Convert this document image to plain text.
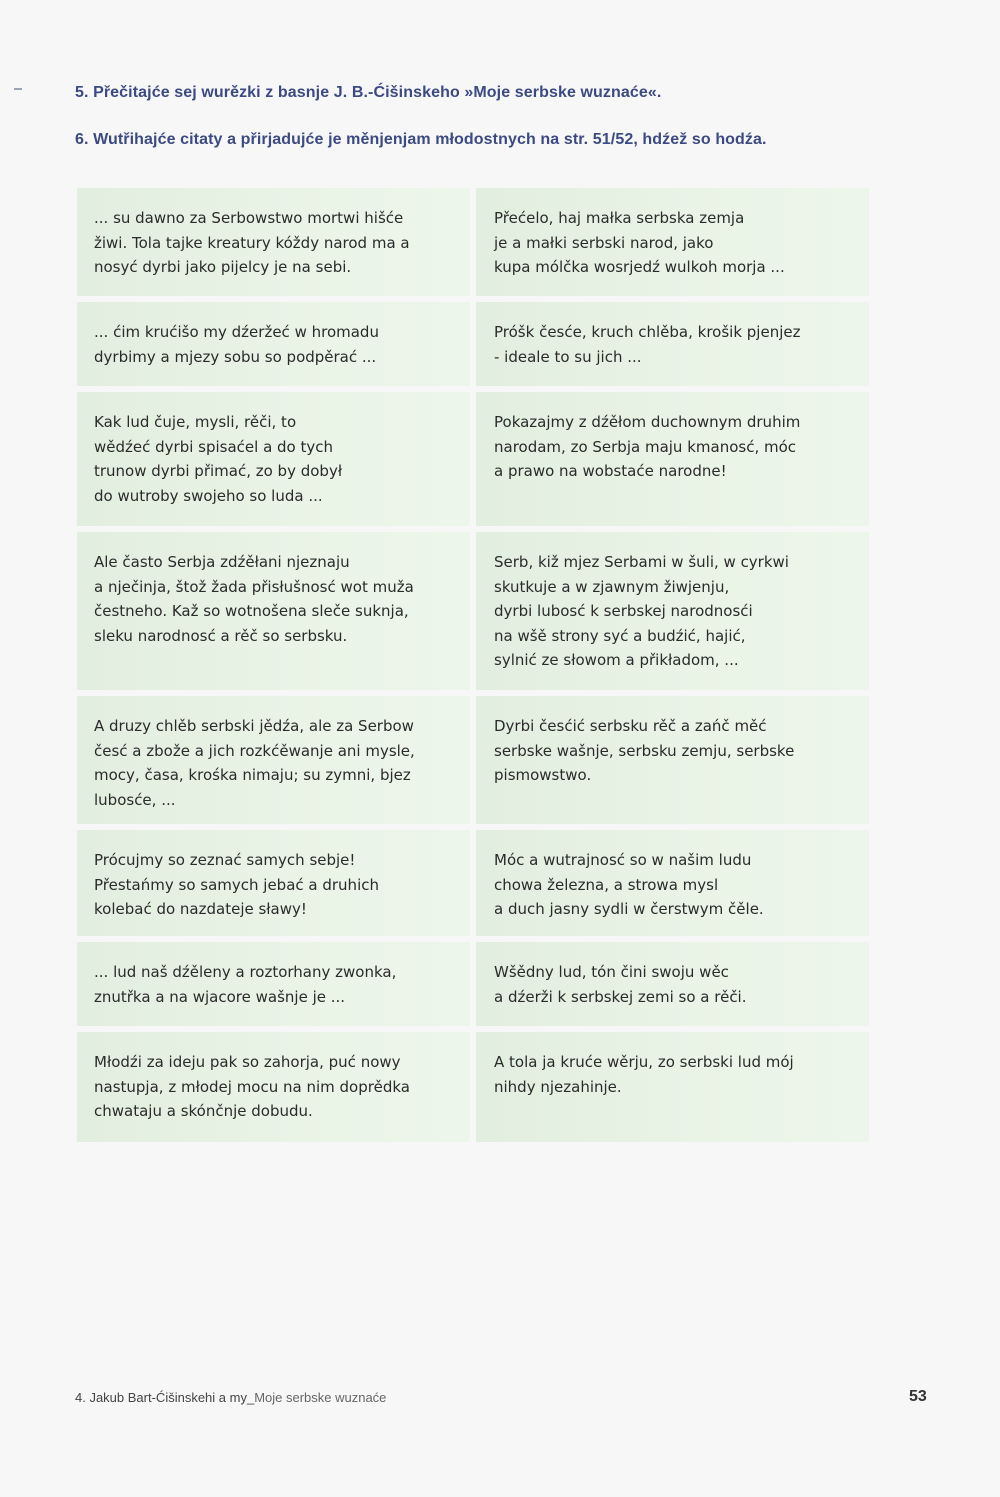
5. Přečitajće sej wurězki z basnje J. B.-Ćišinskeho »Moje serbske wuznaće«.
6. Wutřihajće citaty a přirjadujće je měnjenjam młodostnych na str. 51/52, hdźež so hodźa.
... su dawno za Serbowstwo mortwi hišće
žiwi. Tola tajke kreatury kóždy narod ma a
nosyć dyrbi jako pijelcy je na sebi.
Přećelo, haj małka serbska zemja
je a małki serbski narod, jako
kupa mólčka wosrjedź wulkoh morja ...
... ćim krućišo my dźeržeć w hromadu
dyrbimy a mjezy sobu so podpěrać ...
Próšk česće, kruch chlěba, krošik pjenjez
- ideale to su jich ...
Kak lud čuje, mysli, rěči, to
wědźeć dyrbi spisaćel a do tych
trunow dyrbi přimać, zo by dobył
do wutroby swojeho so luda ...
Pokazajmy z dźěłom duchownym druhim
narodam, zo Serbja maju kmanosć, móc
a prawo na wobstaće narodne!
Ale často Serbja zdźěłani njeznaju
a nječinja, štož žada přisłušnosć wot muža
čestneho. Kaž so wotnošena sleče suknja,
sleku narodnosć a rěč so serbsku.
Serb, kiž mjez Serbami w šuli, w cyrkwi
skutkuje a w zjawnym žiwjenju,
dyrbi lubosć k serbskej narodnosći
na wšě strony syć a budźić, hajić,
sylnić ze słowom a přikładom, ...
A druzy chlěb serbski jědźa, ale za Serbow
česć a zbože a jich rozkćěwanje ani mysle,
mocy, časa, krośka nimaju; su zymni, bjez
lubosće, ...
Dyrbi česćić serbsku rěč a zańč měć
serbske wašnje, serbsku zemju, serbske
pismowstwo.
Prócujmy so zeznać samych sebje!
Přestańmy so samych jebać a druhich
kolebać do nazdateje sławy!
Móc a wutrajnosć so w našim ludu
chowa železna, a strowa mysl
a duch jasny sydli w čerstwym čěle.
... lud naš dźěleny a roztorhany zwonka,
znutřka a na wjacore wašnje je ...
Wšědny lud, tón čini swoju wěc
a dźerži k serbskej zemi so a rěči.
Młodźi za ideju pak so zahorja, puć nowy
nastupja, z młodej mocu na nim doprědka
chwataju a skónčnje dobudu.
A tola ja kruće wěrju, zo serbski lud mój
nihdy njezahinje.
4. Jakub Bart-Ćišinskehi a my_Moje serbske wuznaće	53
